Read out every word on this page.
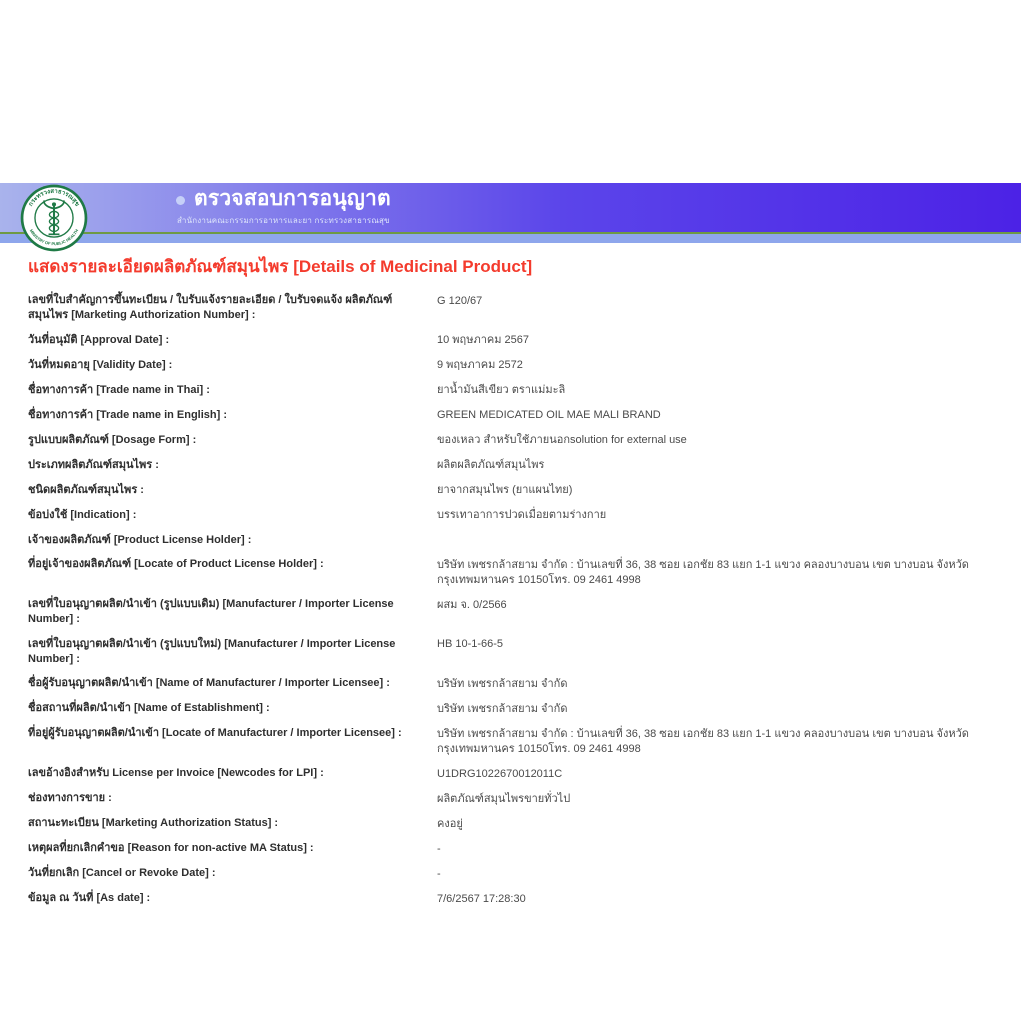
กระทรวงสาธารณสุข
MINISTRY OF PUBLIC HEALTH
ตรวจสอบการอนุญาต
สำนักงานคณะกรรมการอาหารและยา กระทรวงสาธารณสุข
แสดงรายละเอียดผลิตภัณฑ์สมุนไพร [Details of Medicinal Product]
เลขที่ใบสำคัญการขึ้นทะเบียน / ใบรับแจ้งรายละเอียด / ใบรับจดแจ้ง ผลิตภัณฑ์สมุนไพร [Marketing Authorization Number] :
G 120/67
วันที่อนุมัติ [Approval Date] :	10 พฤษภาคม 2567
วันที่หมดอายุ [Validity Date] :	9 พฤษภาคม 2572
ชื่อทางการค้า [Trade name in Thai] :	ยาน้ำมันสีเขียว ตราแม่มะลิ
ชื่อทางการค้า [Trade name in English] :	GREEN MEDICATED OIL MAE MALI BRAND
รูปแบบผลิตภัณฑ์ [Dosage Form] :	ของเหลว สำหรับใช้ภายนอกsolution for external use
ประเภทผลิตภัณฑ์สมุนไพร :	ผลิตผลิตภัณฑ์สมุนไพร
ชนิดผลิตภัณฑ์สมุนไพร :	ยาจากสมุนไพร (ยาแผนไทย)
ข้อบ่งใช้ [Indication] :	บรรเทาอาการปวดเมื่อยตามร่างกาย
เจ้าของผลิตภัณฑ์ [Product License Holder] :
ที่อยู่เจ้าของผลิตภัณฑ์ [Locate of Product License Holder] :	บริษัท เพชรกล้าสยาม จำกัด : บ้านเลขที่ 36, 38 ซอย เอกชัย 83 แยก 1-1 แขวง คลองบางบอน เขต บางบอน จังหวัด กรุงเทพมหานคร 10150โทร. 09 2461 4998
เลขที่ใบอนุญาตผลิต/นำเข้า (รูปแบบเดิม) [Manufacturer / Importer License Number] :
ผสม จ. 0/2566
เลขที่ใบอนุญาตผลิต/นำเข้า (รูปแบบใหม่) [Manufacturer / Importer License Number] :
HB 10-1-66-5
ชื่อผู้รับอนุญาตผลิต/นำเข้า [Name of Manufacturer / Importer Licensee] :	บริษัท เพชรกล้าสยาม จำกัด
ชื่อสถานที่ผลิต/นำเข้า [Name of Establishment] :	บริษัท เพชรกล้าสยาม จำกัด
ที่อยู่ผู้รับอนุญาตผลิต/นำเข้า [Locate of Manufacturer / Importer Licensee] :	บริษัท เพชรกล้าสยาม จำกัด : บ้านเลขที่ 36, 38 ซอย เอกชัย 83 แยก 1-1 แขวง คลองบางบอน เขต บางบอน จังหวัด กรุงเทพมหานคร 10150โทร. 09 2461 4998
เลขอ้างอิงสำหรับ License per Invoice [Newcodes for LPI] :	U1DRG1022670012011C
ช่องทางการขาย :	ผลิตภัณฑ์สมุนไพรขายทั่วไป
สถานะทะเบียน [Marketing Authorization Status] :	คงอยู่
เหตุผลที่ยกเลิกคำขอ [Reason for non-active MA Status] :	-
วันที่ยกเลิก [Cancel or Revoke Date] :	-
ข้อมูล ณ วันที่ [As date] :	7/6/2567 17:28:30
